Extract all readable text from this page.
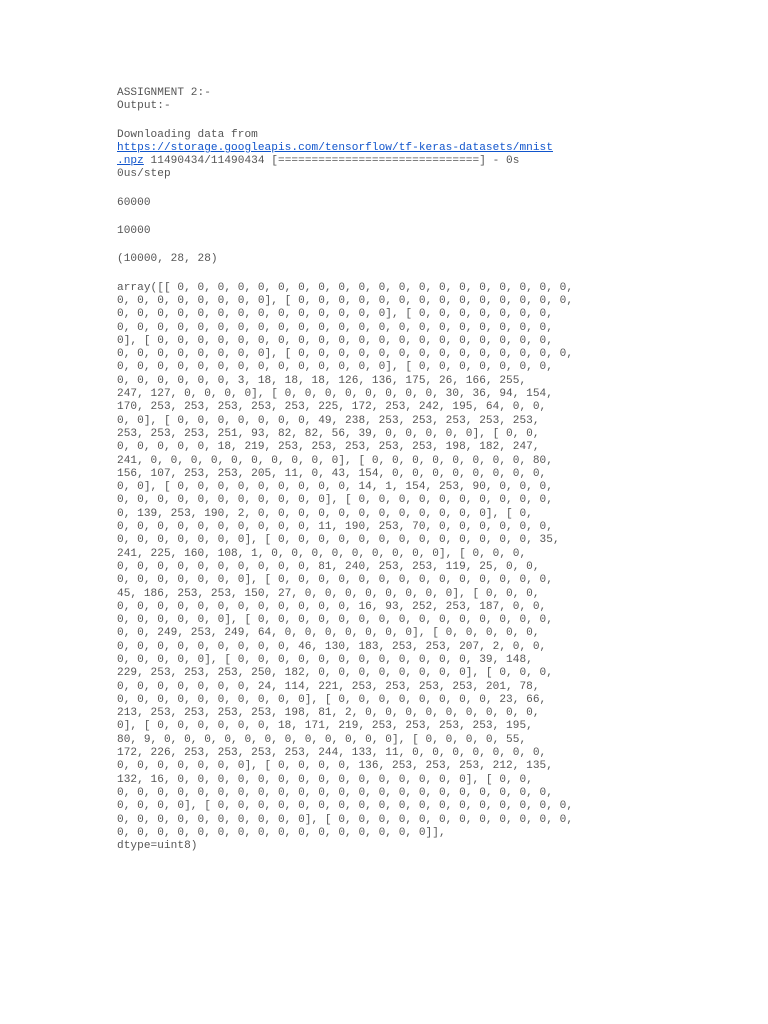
ASSIGNMENT 2:-
Output:-
Downloading data from
https://storage.googleapis.com/tensorflow/tf-keras-datasets/mnist
.npz 11490434/11490434 [==============================] - 0s
0us/step
60000
10000
(10000, 28, 28)
array([[ 0, 0, 0, 0, 0, 0, 0, 0, 0, 0, 0, 0, 0, 0, 0, 0, 0, 0, 0, 0,
0, 0, 0, 0, 0, 0, 0, 0], [ 0, 0, 0, 0, 0, 0, 0, 0, 0, 0, 0, 0, 0, 0,
0, 0, 0, 0, 0, 0, 0, 0, 0, 0, 0, 0, 0, 0], [ 0, 0, 0, 0, 0, 0, 0,
0, 0, 0, 0, 0, 0, 0, 0, 0, 0, 0, 0, 0, 0, 0, 0, 0, 0, 0, 0, 0, 0,
0], [ 0, 0, 0, 0, 0, 0, 0, 0, 0, 0, 0, 0, 0, 0, 0, 0, 0, 0, 0, 0,
0, 0, 0, 0, 0, 0, 0, 0], [ 0, 0, 0, 0, 0, 0, 0, 0, 0, 0, 0, 0, 0, 0,
0, 0, 0, 0, 0, 0, 0, 0, 0, 0, 0, 0, 0, 0], [ 0, 0, 0, 0, 0, 0, 0,
0, 0, 0, 0, 0, 0, 3, 18, 18, 18, 126, 136, 175, 26, 166, 255,
247, 127, 0, 0, 0, 0], [ 0, 0, 0, 0, 0, 0, 0, 0, 30, 36, 94, 154,
170, 253, 253, 253, 253, 253, 225, 172, 253, 242, 195, 64, 0, 0,
0, 0], [ 0, 0, 0, 0, 0, 0, 0, 49, 238, 253, 253, 253, 253, 253,
253, 253, 253, 251, 93, 82, 82, 56, 39, 0, 0, 0, 0, 0], [ 0, 0,
0, 0, 0, 0, 0, 18, 219, 253, 253, 253, 253, 253, 198, 182, 247,
241, 0, 0, 0, 0, 0, 0, 0, 0, 0, 0], [ 0, 0, 0, 0, 0, 0, 0, 0, 80,
156, 107, 253, 253, 205, 11, 0, 43, 154, 0, 0, 0, 0, 0, 0, 0, 0,
0, 0], [ 0, 0, 0, 0, 0, 0, 0, 0, 0, 14, 1, 154, 253, 90, 0, 0, 0,
0, 0, 0, 0, 0, 0, 0, 0, 0, 0, 0], [ 0, 0, 0, 0, 0, 0, 0, 0, 0, 0,
0, 139, 253, 190, 2, 0, 0, 0, 0, 0, 0, 0, 0, 0, 0, 0, 0], [ 0,
0, 0, 0, 0, 0, 0, 0, 0, 0, 0, 11, 190, 253, 70, 0, 0, 0, 0, 0, 0,
0, 0, 0, 0, 0, 0, 0], [ 0, 0, 0, 0, 0, 0, 0, 0, 0, 0, 0, 0, 0, 35,
241, 225, 160, 108, 1, 0, 0, 0, 0, 0, 0, 0, 0, 0], [ 0, 0, 0,
0, 0, 0, 0, 0, 0, 0, 0, 0, 0, 81, 240, 253, 253, 119, 25, 0, 0,
0, 0, 0, 0, 0, 0, 0], [ 0, 0, 0, 0, 0, 0, 0, 0, 0, 0, 0, 0, 0, 0,
45, 186, 253, 253, 150, 27, 0, 0, 0, 0, 0, 0, 0, 0], [ 0, 0, 0,
0, 0, 0, 0, 0, 0, 0, 0, 0, 0, 0, 0, 16, 93, 252, 253, 187, 0, 0,
0, 0, 0, 0, 0, 0], [ 0, 0, 0, 0, 0, 0, 0, 0, 0, 0, 0, 0, 0, 0, 0,
0, 0, 249, 253, 249, 64, 0, 0, 0, 0, 0, 0, 0], [ 0, 0, 0, 0, 0,
0, 0, 0, 0, 0, 0, 0, 0, 0, 46, 130, 183, 253, 253, 207, 2, 0, 0,
0, 0, 0, 0, 0], [ 0, 0, 0, 0, 0, 0, 0, 0, 0, 0, 0, 0, 39, 148,
229, 253, 253, 253, 250, 182, 0, 0, 0, 0, 0, 0, 0, 0], [ 0, 0, 0,
0, 0, 0, 0, 0, 0, 0, 24, 114, 221, 253, 253, 253, 253, 201, 78,
0, 0, 0, 0, 0, 0, 0, 0, 0, 0], [ 0, 0, 0, 0, 0, 0, 0, 0, 23, 66,
213, 253, 253, 253, 253, 198, 81, 2, 0, 0, 0, 0, 0, 0, 0, 0, 0,
0], [ 0, 0, 0, 0, 0, 0, 18, 171, 219, 253, 253, 253, 253, 195,
80, 9, 0, 0, 0, 0, 0, 0, 0, 0, 0, 0, 0, 0], [ 0, 0, 0, 0, 55,
172, 226, 253, 253, 253, 253, 244, 133, 11, 0, 0, 0, 0, 0, 0, 0,
0, 0, 0, 0, 0, 0, 0], [ 0, 0, 0, 0, 136, 253, 253, 253, 212, 135,
132, 16, 0, 0, 0, 0, 0, 0, 0, 0, 0, 0, 0, 0, 0, 0, 0], [ 0, 0,
0, 0, 0, 0, 0, 0, 0, 0, 0, 0, 0, 0, 0, 0, 0, 0, 0, 0, 0, 0, 0, 0,
0, 0, 0, 0], [ 0, 0, 0, 0, 0, 0, 0, 0, 0, 0, 0, 0, 0, 0, 0, 0, 0, 0,
0, 0, 0, 0, 0, 0, 0, 0, 0, 0], [ 0, 0, 0, 0, 0, 0, 0, 0, 0, 0, 0, 0,
0, 0, 0, 0, 0, 0, 0, 0, 0, 0, 0, 0, 0, 0, 0, 0]],
dtype=uint8)
